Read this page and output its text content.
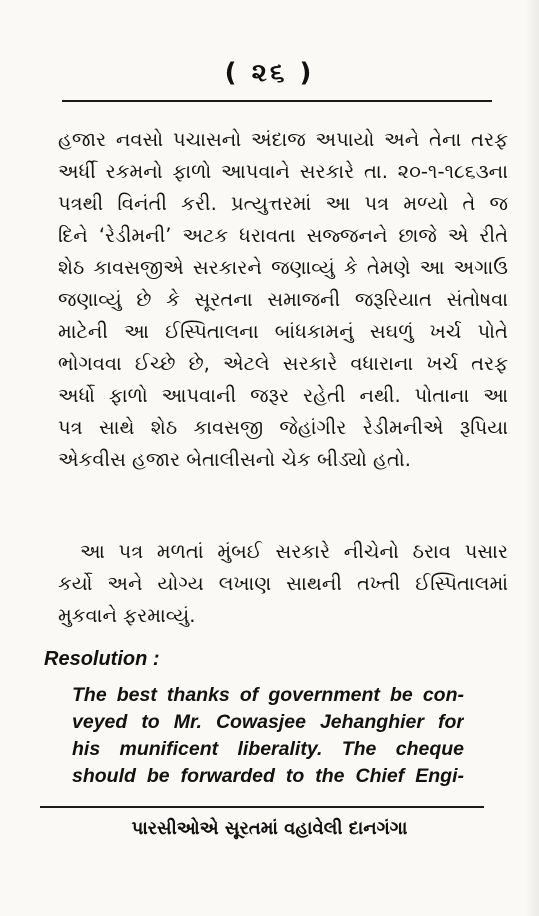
( ૨૬ )
હજાર નવસો પચાસનો અંદાજ અપાયો અને તેના તરફ
અર્ધી રકમનો ફાળો આપવાને સરકારે તા. ૨૦-૧-૧૮૬૩ના
પત્રથી વિનંતી કરી. પ્રત્યુત્તરમાં આ પત્ર મળ્યો તે જ
દિને ‘રેડીમની’ અટક ધરાવતા સજ્જનને છાજે એ રીતે
શેઠ કાવસજીએ સરકારને જણાવ્યું કે તેમણે આ અગાઉ
જણાવ્યું છે કે સૂરતના સમાજની જરૂરિયાત સંતોષવા
માટેની આ ઈસ્પિતાલના બાંધકામનું સઘળું ખર્ચ પોતે
ભોગવવા ઈચ્છે છે, એટલે સરકારે વધારાના ખર્ચ તરફ
અર્ધો ફાળો આપવાની જરૂર રહેતી નથી. પોતાના આ
પત્ર સાથે શેઠ કાવસજી જેહાંગીર રેડીમનીએ રૂપિયા
એકવીસ હજાર બેતાલીસનો ચેક બીડ્યો હતો.
આ પત્ર મળતાં મુંબઈ સરકારે નીચેનો ઠરાવ પસાર
કર્યો અને યોગ્ય લખાણ સાથની તખ્તી ઈસ્પિતાલમાં
મુકવાને ફરમાવ્યું.
Resolution :
The best thanks of government be con-
veyed to Mr. Cowasjee Jehanghier for
his munificent liberality. The cheque
should be forwarded to the Chief Engi-
પારસીઓએ સૂરતમાં વહાવેલી દાનગંગા
